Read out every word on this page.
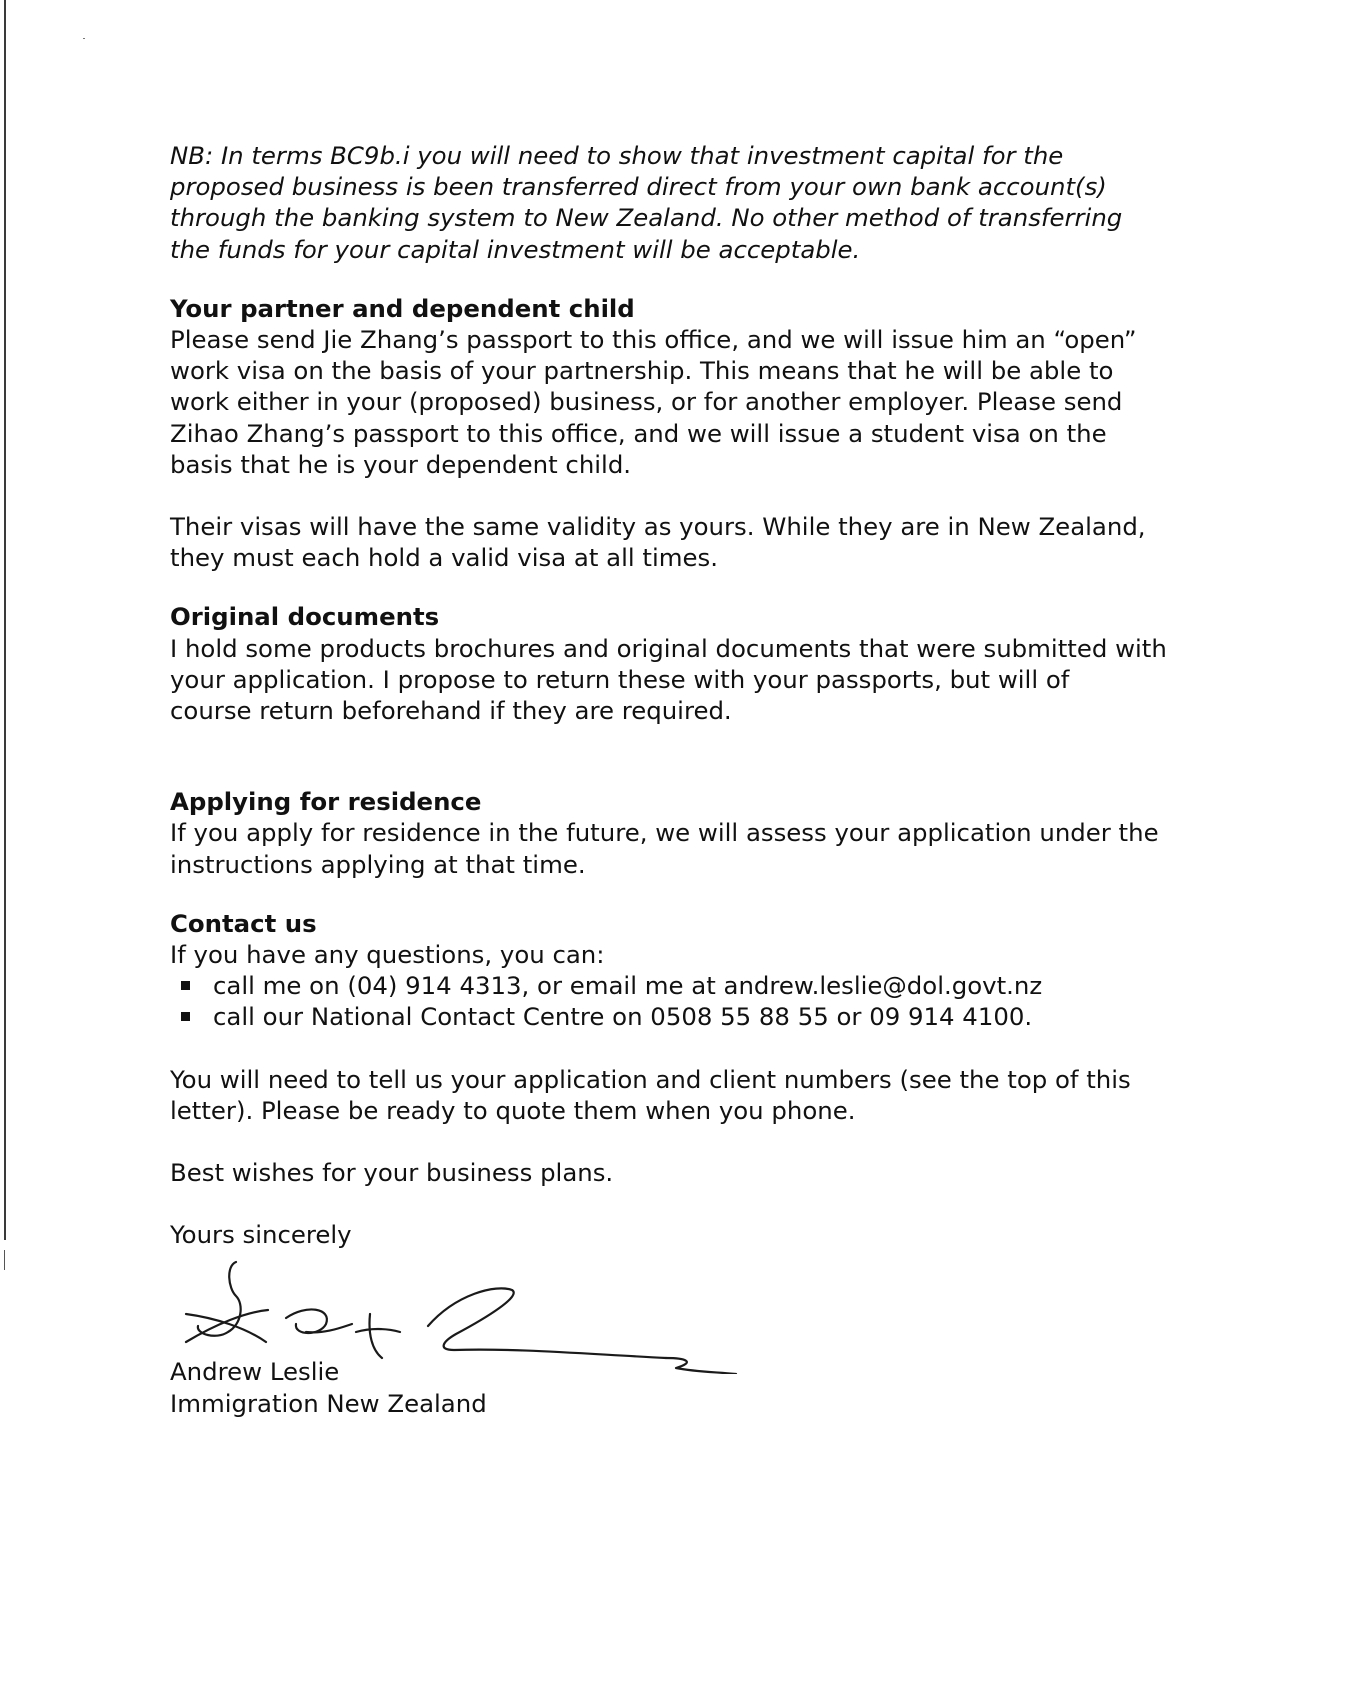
NB: In terms BC9b.i you will need to show that investment capital for the
proposed business is been transferred direct from your own bank account(s)
through the banking system to New Zealand. No other method of transferring
the funds for your capital investment will be acceptable.

Your partner and dependent child

Please send Jie Zhang’s passport to this office, and we will issue him an “open”
work visa on the basis of your partnership. This means that he will be able to
work either in your (proposed) business, or for another employer. Please send
Zihao Zhang’s passport to this office, and we will issue a student visa on the
basis that he is your dependent child.

Their visas will have the same validity as yours. While they are in New Zealand,
they must each hold a valid visa at all times.

Original documents

I hold some products brochures and original documents that were submitted with
your application. I propose to return these with your passports, but will of
course return beforehand if they are required.

Applying for residence

If you apply for residence in the future, we will assess your application under the
instructions applying at that time.

Contact us

If you have any questions, you can:

call me on (04) 914 4313, or email me at andrew.leslie@dol.govt.nz
call our National Contact Centre on 0508 55 88 55 or 09 914 4100.

You will need to tell us your application and client numbers (see the top of this
letter). Please be ready to quote them when you phone.

Best wishes for your business plans.

Yours sincerely

Andrew Leslie

Immigration New Zealand
